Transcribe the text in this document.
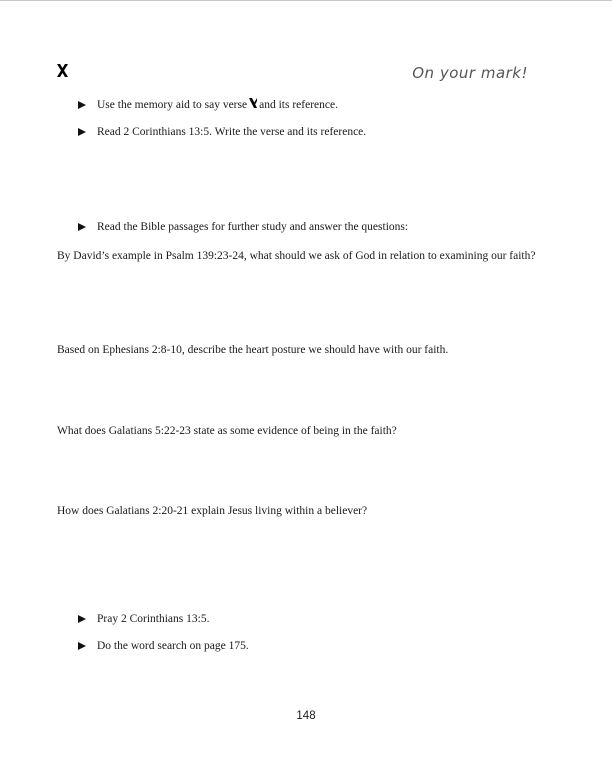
On your mark!
Use the memory aid to say verse and its reference.
Read 2 Corinthians 13:5. Write the verse and its reference.
Read the Bible passages for further study and answer the questions:
By David’s example in Psalm 139:23-24, what should we ask of God in relation to examining our faith?
Based on Ephesians 2:8-10, describe the heart posture we should have with our faith.
What does Galatians 5:22-23 state as some evidence of being in the faith?
How does Galatians 2:20-21 explain Jesus living within a believer?
Pray 2 Corinthians 13:5.
Do the word search on page 175.
148
